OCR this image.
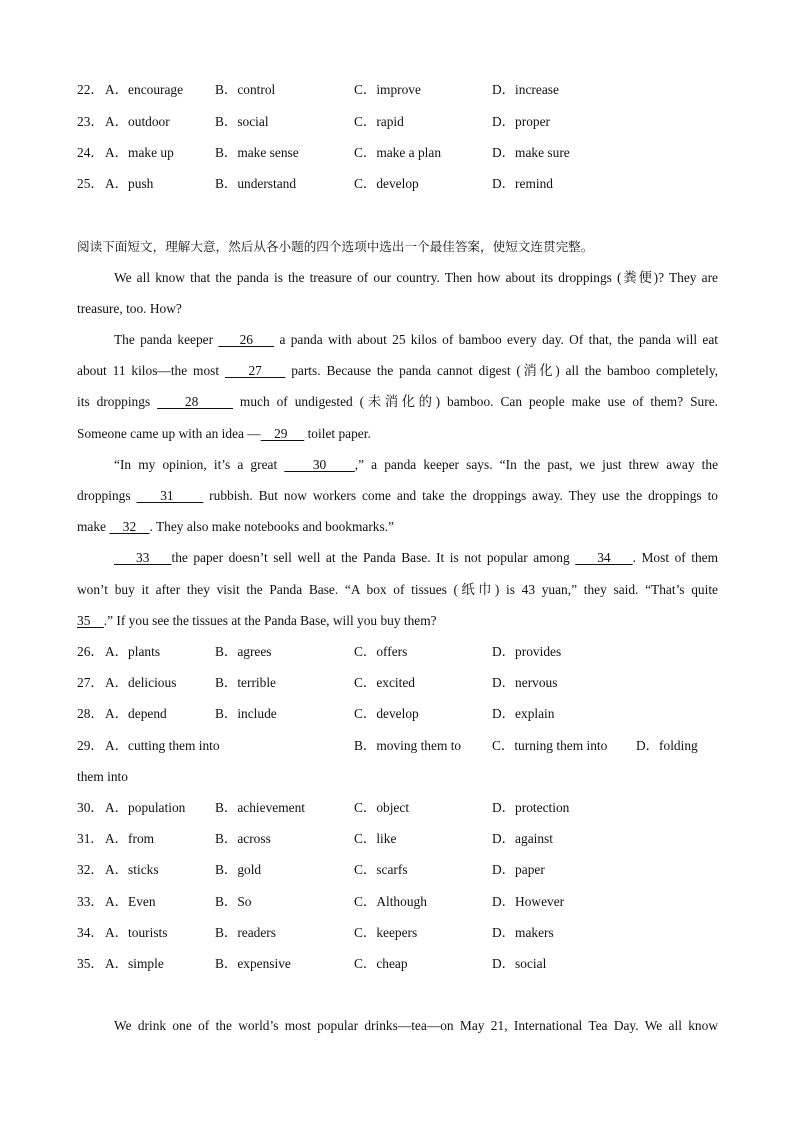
22． A．encourage B．control	C．improve	D．increase
23． A．outdoor	B．social	C．rapid	D．proper
24． A．make up	B．make sense	C．make a plan	D．make sure
25． A．push	B．understand	C．develop	D．remind
阅读下面短文，理解大意，然后从各小题的四个选项中选出一个最佳答案，使短文连贯完整。
We all know that the panda is the treasure of our country. Then how about its droppings (粪便)? They are
treasure, too. How?
The panda keeper     26     a panda with about 25 kilos of bamboo every day. Of that, the panda will eat
about 11 kilos—the most     27     parts. Because the panda cannot digest (消化) all the bamboo completely,
its droppings     28      much of undigested (未消化的) bamboo. Can people make use of them? Sure.
Someone came up with an idea —    29      toilet paper.
“In my opinion, it’s a great     30    ,” a panda keeper says. “In the past, we just threw away the
droppings     31      rubbish. But now workers come and take the droppings away. They use the droppings to
make     32    . They also make notebooks and bookmarks.”
33    the paper doesn’t sell well at the Panda Base. It is not popular among     34    . Most of them
won’t buy it after they visit the Panda Base. “A box of tissues (纸巾) is 43 yuan,” they said. “That’s quite
35    .” If you see the tissues at the Panda Base, will you buy them?
26． A．plants	B．agrees	C．offers	D．provides
27． A．delicious	B．terrible	C．excited	D．nervous
28． A．depend	B．include	C．develop	D．explain
29． A．cutting them into	B．moving them to C．turning them into D．folding
them into
30． A．population B．achievement	C．object	D．protection
31． A．from	B．across	C．like	D．against
32． A．sticks	B．gold	C．scarfs	D．paper
33． A．Even	B．So	C．Although	D．However
34． A．tourists	B．readers	C．keepers	D．makers
35． A．simple	B．expensive	C．cheap	D．social
We drink one of the world’s most popular drinks—tea—on May 21, International Tea Day. We all know
